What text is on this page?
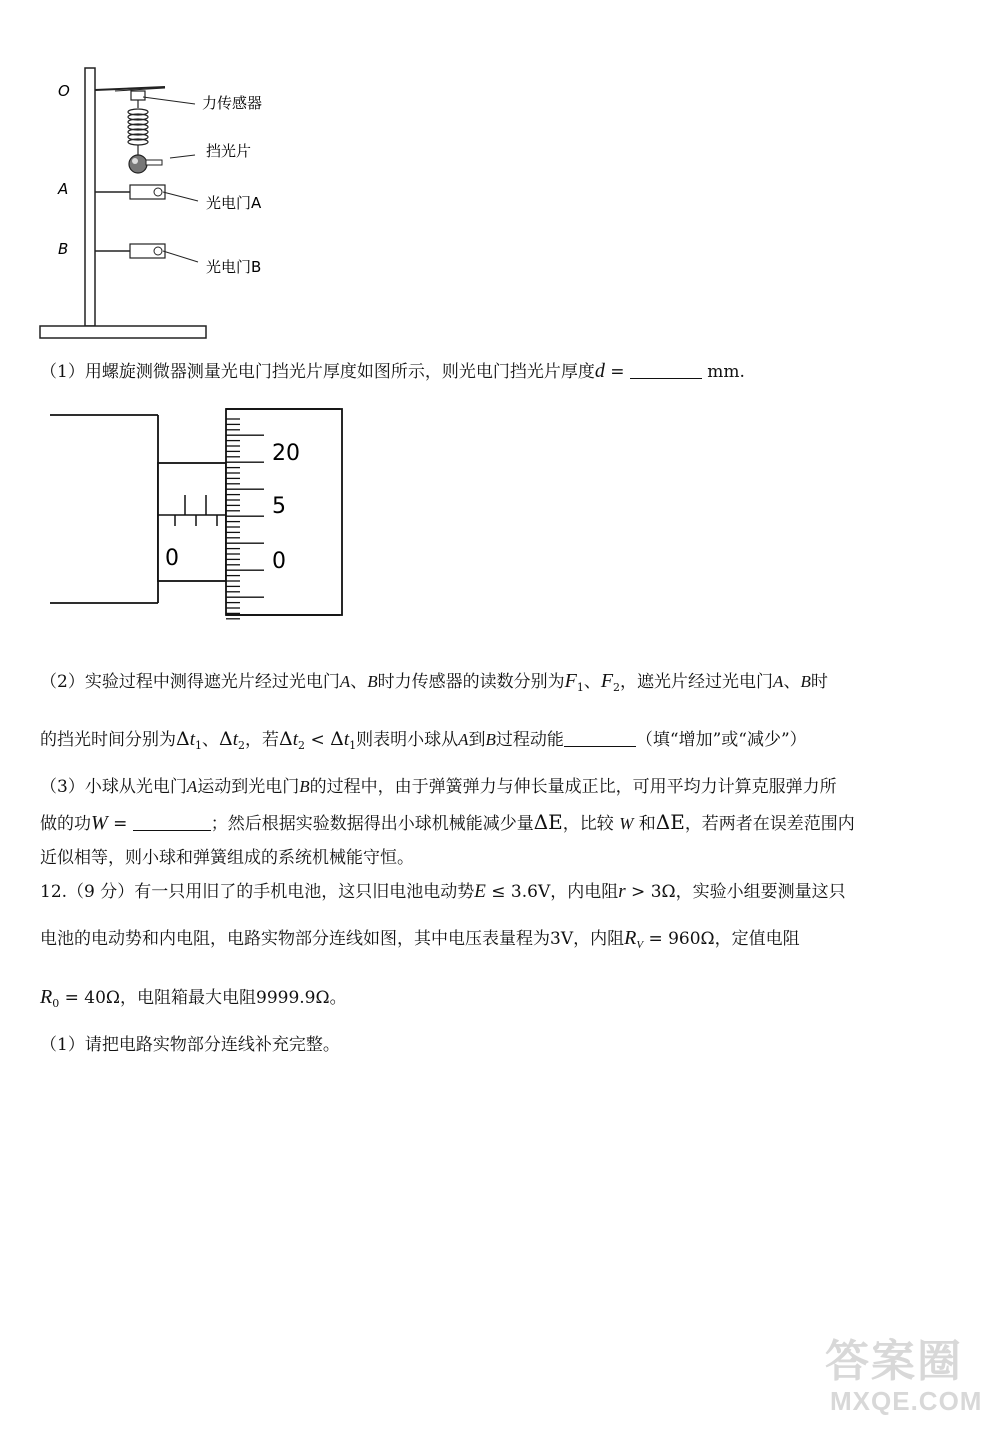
O
A
B
力传感器
挡光片
光电门A
光电门B
（1）用螺旋测微器测量光电门挡光片厚度如图所示，则光电门挡光片厚度d =	mm.
0
20
5
0
（2）实验过程中测得遮光片经过光电门A、B时力传感器的读数分别为$F_1$、$F_2$，遮光片经过光电门A、B时
的挡光时间分别为$\Delta t_1$、$\Delta t_2$，若$\Delta t_2 < \Delta t_1$则表明小球从A到B过程动能	（填“增加”或“减少”）
（3）小球从光电门A运动到光电门B的过程中，由于弹簧弹力与伸长量成正比，可用平均力计算克服弹力所
做的功W =	；然后根据实验数据得出小球机械能减少量ΔE，比较 W 和ΔE，若两者在误差范围内
近似相等，则小球和弹簧组成的系统机械能守恒。
12.（9 分）有一只用旧了的手机电池，这只旧电池电动势E ≤ 3.6V，内电阻r > 3Ω，实验小组要测量这只
电池的电动势和内电阻，电路实物部分连线如图，其中电压表量程为3V，内阻$R_V = 960\Omega$，定值电阻
$R_0 = 40\Omega$，电阻箱最大电阻9999.9Ω。
（1）请把电路实物部分连线补充完整。
答案圈
MXQE.COM
